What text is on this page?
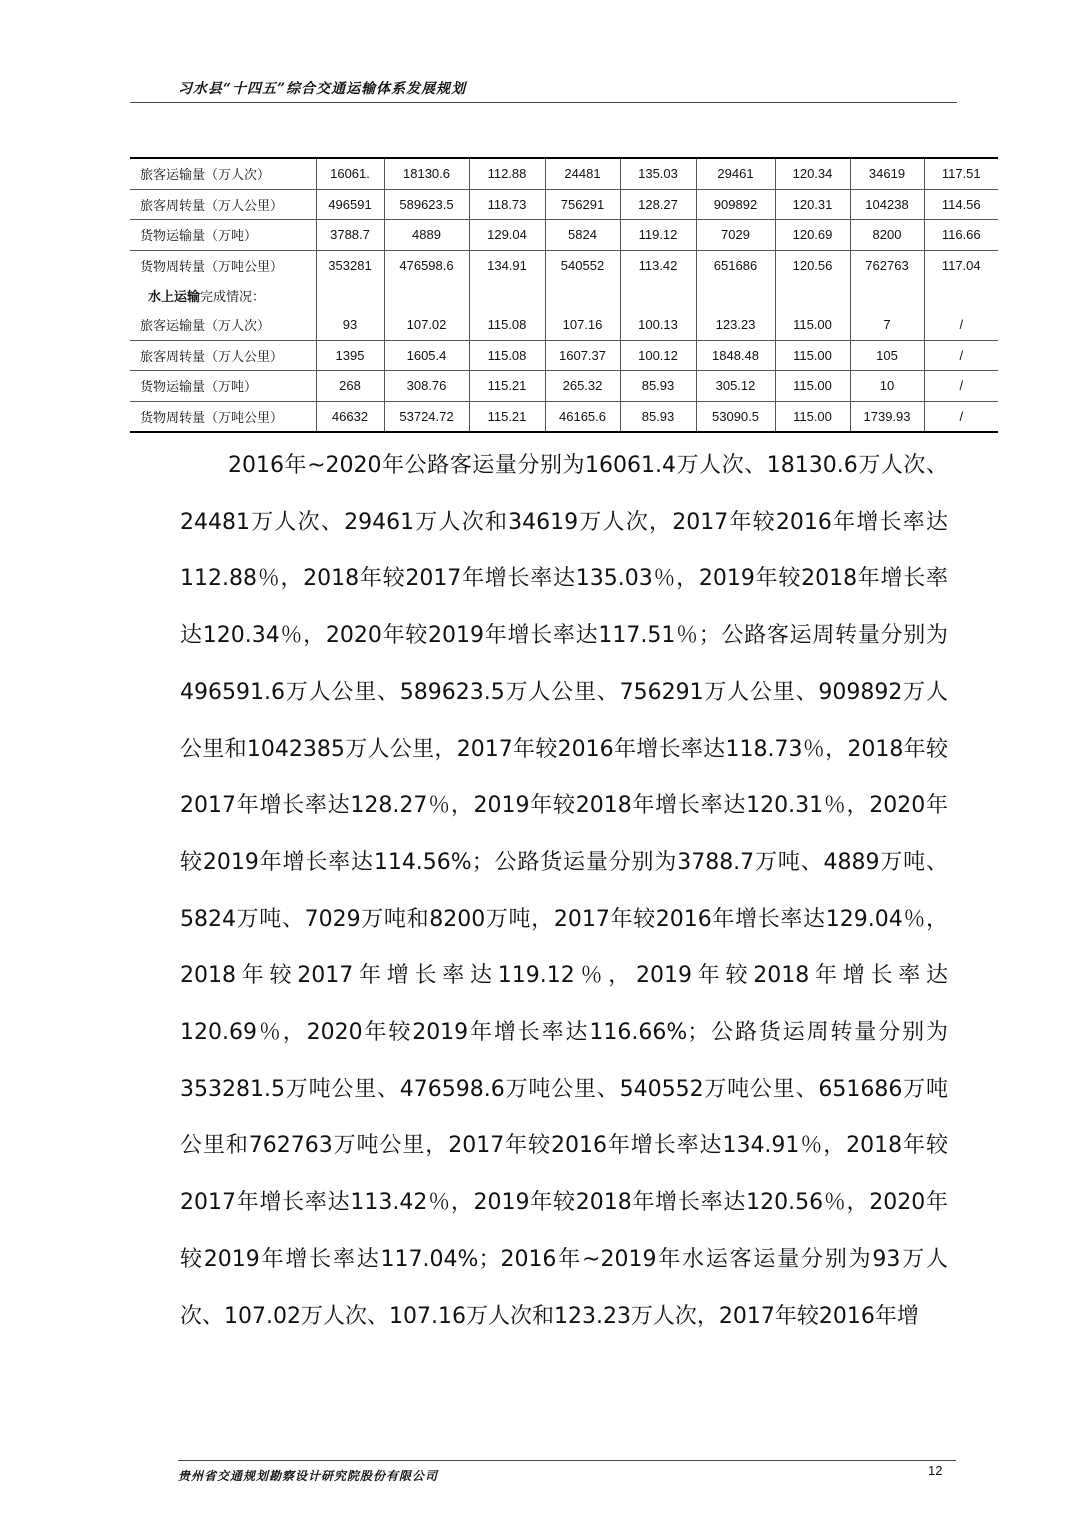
习水县“十四五”综合交通运输体系发展规划
旅客运输量（万人次）	16061.	18130.6	112.88	24481	135.03	29461	120.34	34619	117.51
旅客周转量（万人公里）	496591	589623.5	118.73	756291	128.27	909892	120.31	104238	114.56
货物运输量（万吨）	3788.7	4889	129.04	5824	119.12	7029	120.69	8200	116.66
货物周转量（万吨公里）	353281	476598.6	134.91	540552	113.42	651686	120.56	762763	117.04
水上运输完成情况：									
旅客运输量（万人次）	93	107.02	115.08	107.16	100.13	123.23	115.00	7	/
旅客周转量（万人公里）	1395	1605.4	115.08	1607.37	100.12	1848.48	115.00	105	/
货物运输量（万吨）	268	308.76	115.21	265.32	85.93	305.12	115.00	10	/
货物周转量（万吨公里）	46632	53724.72	115.21	46165.6	85.93	53090.5	115.00	1739.93	/

2016年~2020年公路客运量分别为16061.4万人次、18130.6万人次、24481万人次、29461万人次和34619万人次，2017年较2016年增长率达112.88％，2018年较2017年增长率达135.03％，2019年较2018年增长率达120.34％，2020年较2019年增长率达117.51％；公路客运周转量分别为496591.6万人公里、589623.5万人公里、756291万人公里、909892万人公里和1042385万人公里，2017年较2016年增长率达118.73％，2018年较2017年增长率达128.27％，2019年较2018年增长率达120.31％，2020年较2019年增长率达114.56%；公路货运量分别为3788.7万吨、4889万吨、5824万吨、7029万吨和8200万吨，2017年较2016年增长率达129.04％，2018年较2017年增长率达119.12％，2019年较2018年增长率达120.69％，2020年较2019年增长率达116.66%；公路货运周转量分别为353281.5万吨公里、476598.6万吨公里、540552万吨公里、651686万吨公里和762763万吨公里，2017年较2016年增长率达134.91％，2018年较2017年增长率达113.42％，2019年较2018年增长率达120.56％，2020年较2019年增长率达117.04%；2016年~2019年水运客运量分别为93万人次、107.02万人次、107.16万人次和123.23万人次，2017年较2016年增

贵州省交通规划勘察设计研究院股份有限公司	12
